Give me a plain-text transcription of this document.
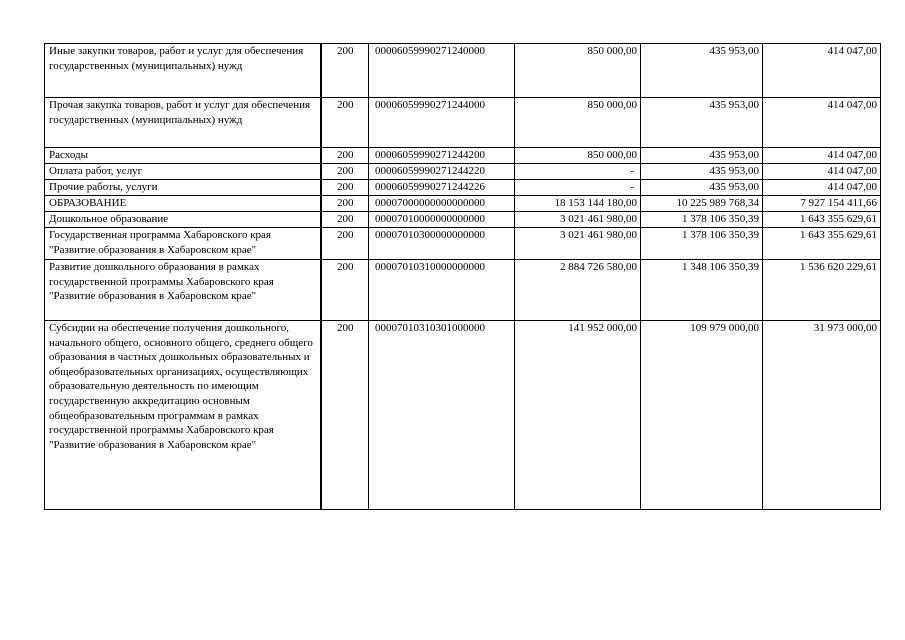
Иные закупки товаров, работ и услуг для обеспечения государственных (муниципальных) нужд	200	00006059990271240000	850 000,00	435 953,00	414 047,00
Прочая закупка товаров, работ и услуг для обеспечения государственных (муниципальных) нужд	200	00006059990271244000	850 000,00	435 953,00	414 047,00
Расходы	200	00006059990271244200	850 000,00	435 953,00	414 047,00
Оплата работ, услуг	200	00006059990271244220	-	435 953,00	414 047,00
Прочие работы, услуги	200	00006059990271244226	-	435 953,00	414 047,00
ОБРАЗОВАНИЕ	200	00007000000000000000	18 153 144 180,00	10 225 989 768,34	7 927 154 411,66
Дошкольное образование	200	00007010000000000000	3 021 461 980,00	1 378 106 350,39	1 643 355 629,61
Государственная программа Хабаровского края "Развитие образования в Хабаровском крае"	200	00007010300000000000	3 021 461 980,00	1 378 106 350,39	1 643 355 629,61
Развитие дошкольного образования в рамках государственной программы Хабаровского края "Развитие образования в Хабаровском крае"	200	00007010310000000000	2 884 726 580,00	1 348 106 350,39	1 536 620 229,61
Субсидии на обеспечение получения дошкольного, начального общего, основного общего, среднего общего образования в частных дошкольных образовательных и общеобразовательных организациях, осуществляющих образовательную деятельность по имеющим государственную аккредитацию основным общеобразовательным программам в рамках государственной программы Хабаровского края "Развитие образования в Хабаровском крае"	200	00007010310301000000	141 952 000,00	109 979 000,00	31 973 000,00
